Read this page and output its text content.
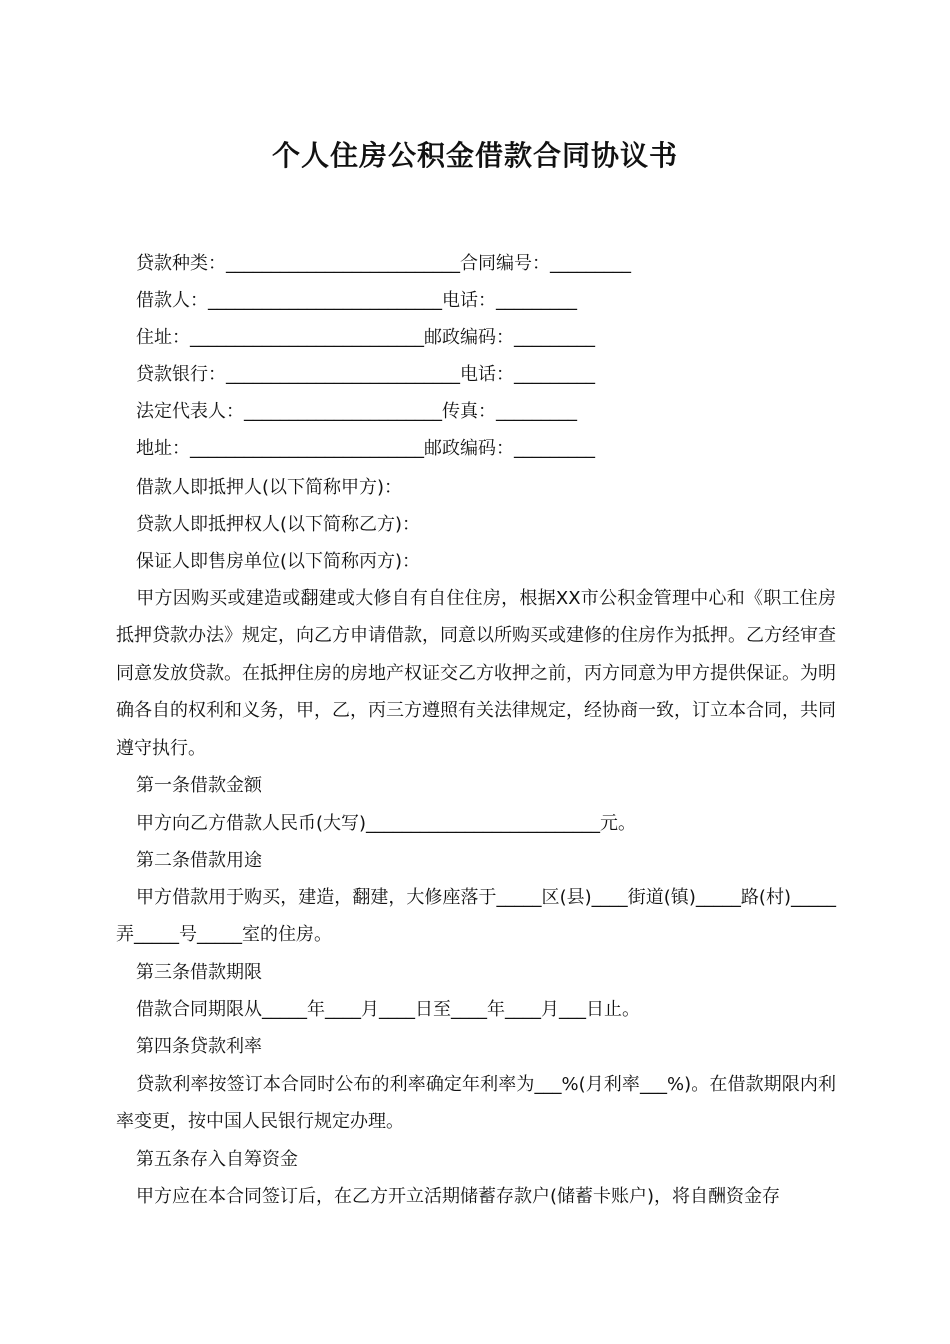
个人住房公积金借款合同协议书
贷款种类：__________________________合同编号：_________
借款人：__________________________电话：_________
住址：__________________________邮政编码：_________
贷款银行：__________________________电话：_________
法定代表人：______________________传真：_________
地址：__________________________邮政编码：_________
借款人即抵押人(以下简称甲方)：
贷款人即抵押权人(以下简称乙方)：
保证人即售房单位(以下简称丙方)：
甲方因购买或建造或翻建或大修自有自住住房，根据XX市公积金管理中心和《职工住房抵押贷款办法》规定，向乙方申请借款，同意以所购买或建修的住房作为抵押。乙方经审查同意发放贷款。在抵押住房的房地产权证交乙方收押之前，丙方同意为甲方提供保证。为明确各自的权利和义务，甲，乙，丙三方遵照有关法律规定，经协商一致，订立本合同，共同遵守执行。
第一条借款金额
甲方向乙方借款人民币(大写)__________________________元。
第二条借款用途
甲方借款用于购买，建造，翻建，大修座落于_____区(县)____街道(镇)_____路(村)_____弄_____号_____室的住房。
第三条借款期限
借款合同期限从_____年____月____日至____年____月___日止。
第四条贷款利率
贷款利率按签订本合同时公布的利率确定年利率为___%(月利率___%)。在借款期限内利率变更，按中国人民银行规定办理。
第五条存入自筹资金
甲方应在本合同签订后，在乙方开立活期储蓄存款户(储蓄卡账户)，将自酬资金存
